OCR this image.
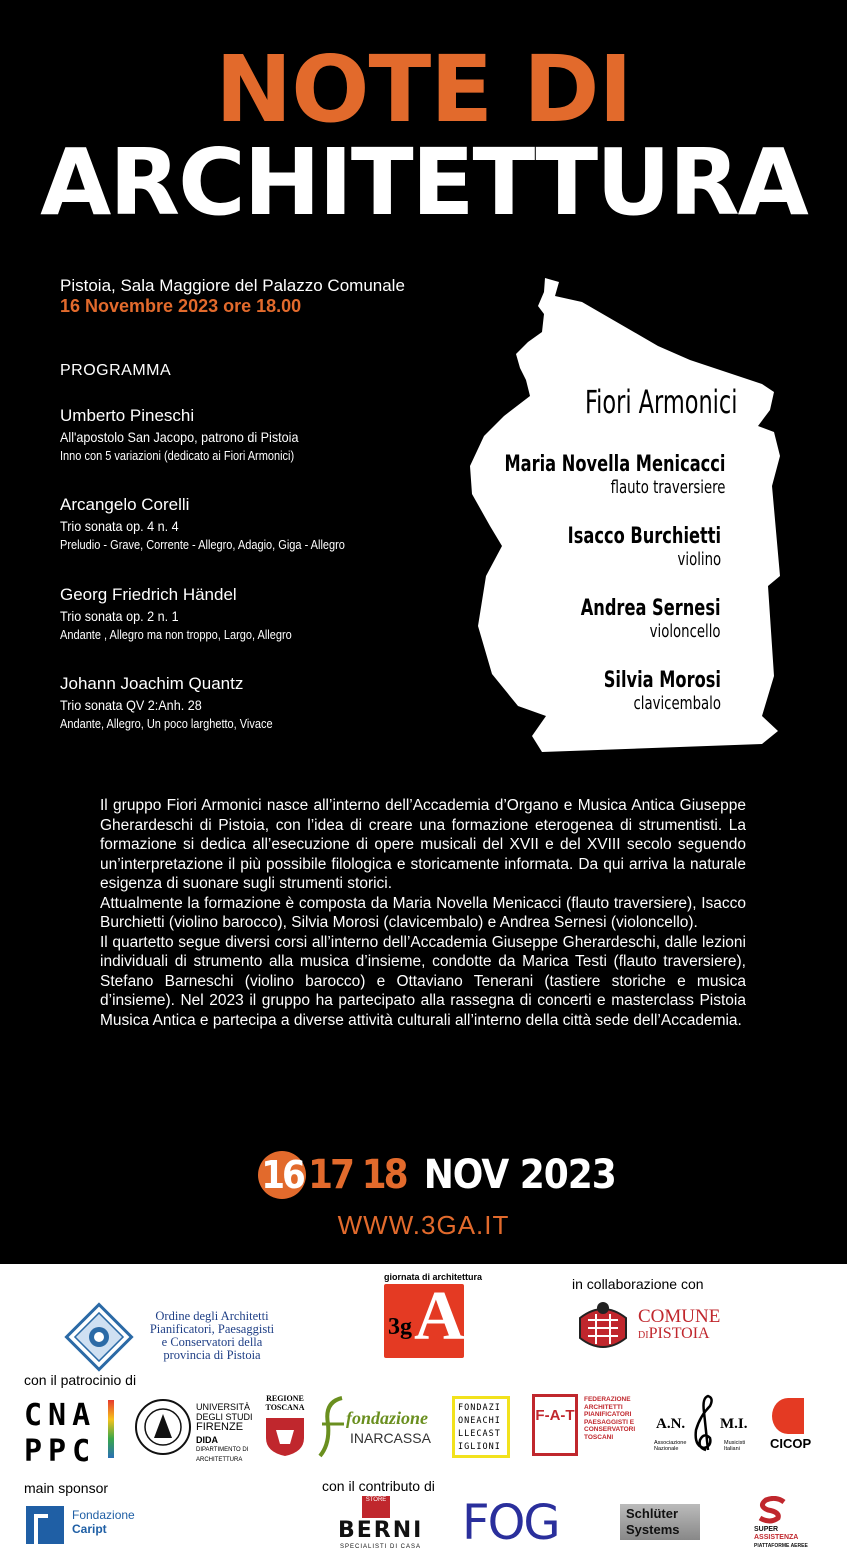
NOTE DI
ARCHITETTURA
Pistoia, Sala Maggiore del Palazzo Comunale
16 Novembre 2023 ore 18.00
PROGRAMMA
Umberto Pineschi
All'apostolo San Jacopo, patrono di Pistoia
Inno con 5 variazioni (dedicato ai Fiori Armonici)
Arcangelo Corelli
Trio sonata op. 4 n. 4
Preludio - Grave, Corrente - Allegro, Adagio, Giga - Allegro
Georg Friedrich Händel
Trio sonata op. 2 n. 1
Andante , Allegro ma non troppo, Largo, Allegro
Johann Joachim Quantz
Trio sonata QV 2:Anh. 28
Andante, Allegro, Un poco larghetto, Vivace
Fiori Armonici
Maria Novella Menicacci
flauto traversiere
Isacco Burchietti
violino
Andrea Sernesi
violoncello
Silvia Morosi
clavicembalo

Il gruppo Fiori Armonici nasce all’interno dell’Accademia d’Organo e Musica Antica Giuseppe Gherardeschi di Pistoia, con l’idea di creare una formazione eterogenea di strumentisti. La formazione si dedica all’esecuzione di opere musicali del XVII e del XVIII secolo seguendo un’interpretazione il più possibile filologica e storicamente informata. Da qui arriva la naturale esigenza di suonare sugli strumenti storici.

Attualmente la formazione è composta da Maria Novella Menicacci (flauto traversiere), Isacco Burchietti (violino barocco), Silvia Morosi (clavicembalo) e Andrea Sernesi (violoncello).

Il quartetto segue diversi corsi all’interno dell’Accademia Giuseppe Gherardeschi, dalle lezioni individuali di strumento alla musica d’insieme, condotte da Marica Testi (flauto traversiere), Stefano Barneschi (violino barocco) e Ottaviano Tenerani (tastiere storiche e musica d’insieme). Nel 2023 il gruppo ha partecipato alla rassegna di concerti e masterclass Pistoia Musica Antica e partecipa a diverse attività culturali all’interno della città sede dell’Accademia.

16 17 18 NOV 2023
WWW.3GA.IT
Ordine degli Architetti
Pianificatori, Paesaggisti
e Conservatori della
provincia di Pistoia
giornata di architettura
3g A	in collaborazione con
COMUNE
DIPISTOIA
con il patrocinio di
CNA
PPC
UNIVERSITÀ
DEGLI STUDI
FIRENZE
DIDA
DIPARTIMENTO DI ARCHITETTURA
REGIONE
TOSCANA
fondazione
INARCASSA
FONDAZI ONEACHI LLECAST IGLIONI
F-A-T
FEDERAZIONE
ARCHITETTI
PIANIFICATORI
PAESAGGISTI E
CONSERVATORI
TOSCANI
A.N. M.I.
Associazione Nazionale
Musicisti Italiani	CICOP
main sponsor
Fondazione
Caript
con il contributo di
STORE
BERNI
SPECIALISTI DI CASA FOG	Schlüter
Systems	SUPER
ASSISTENZA
PIATTAFORME AEREE
